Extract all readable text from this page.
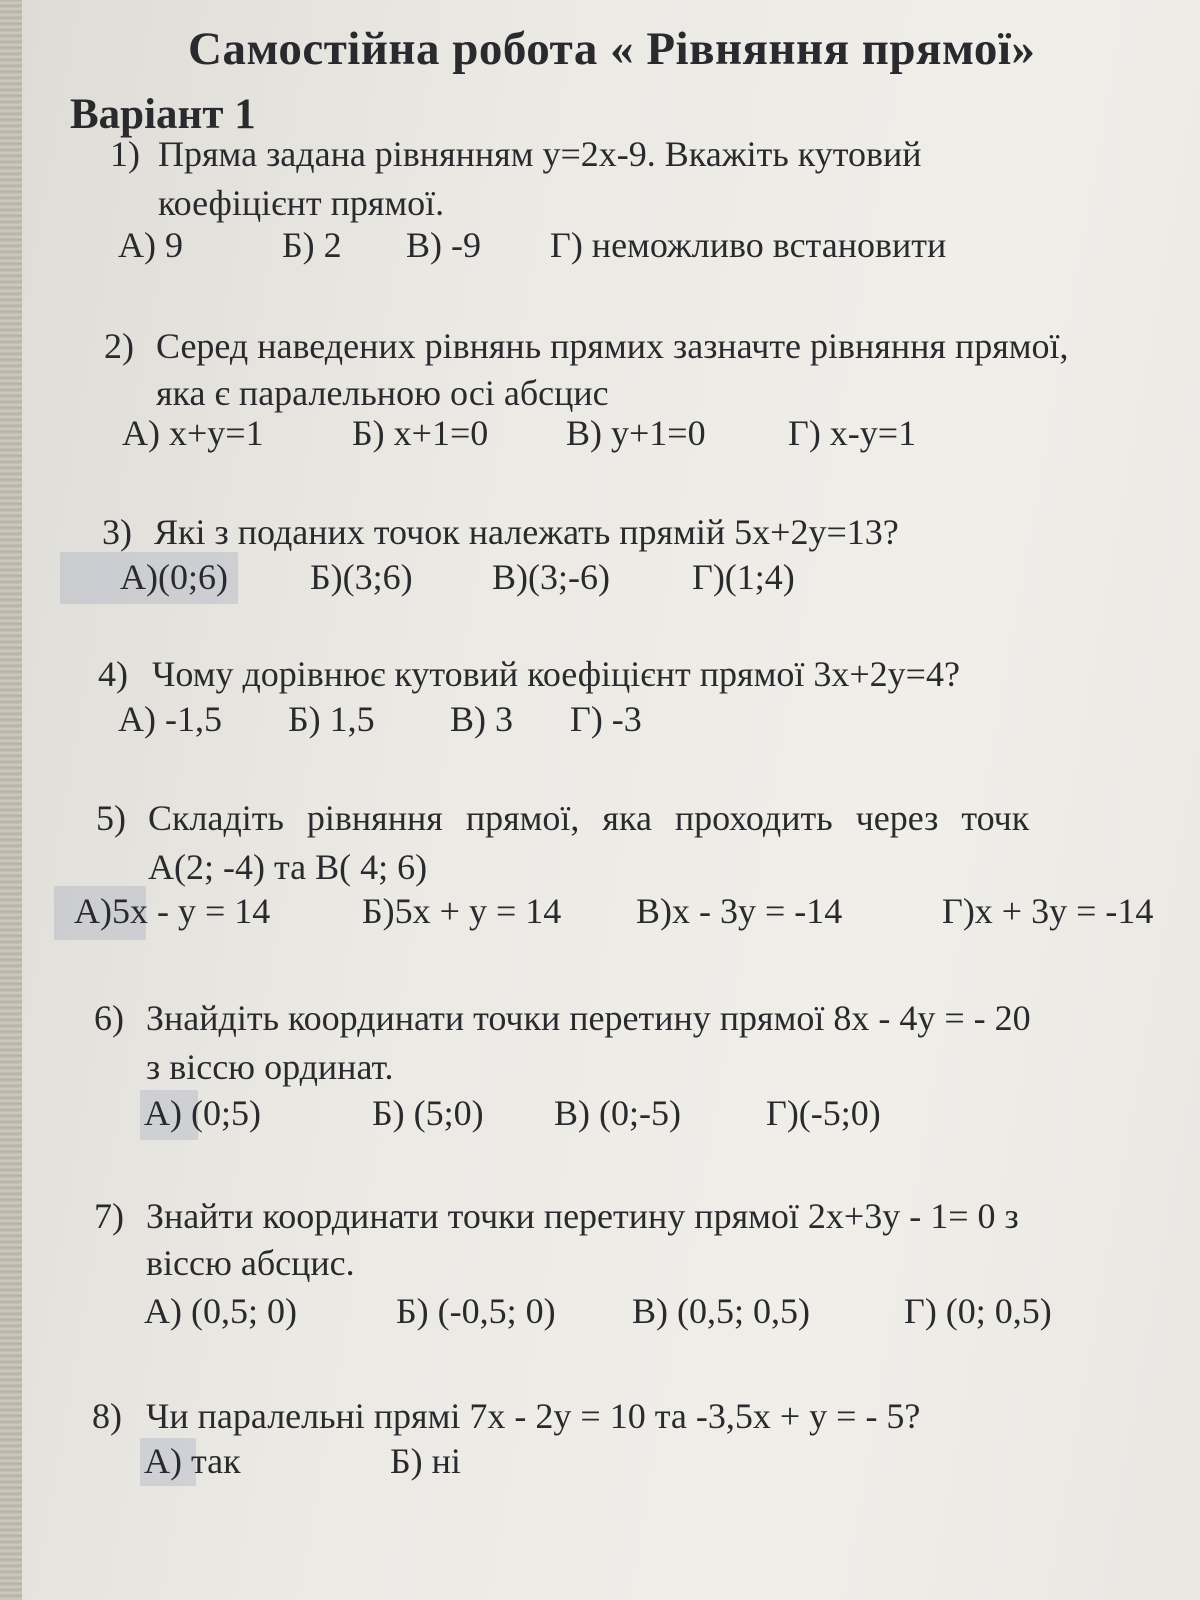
Самостійна робота « Рівняння прямої»
Варіант 1
1) Пряма задана рівнянням y=2x-9. Вкажіть кутовий
коефіцієнт прямої.
А) 9	Б) 2 В) -9 Г) неможливо встановити
2) Серед наведених рівнянь прямих зазначте рівняння прямої,
яка є паралельною осі абсцис
А) x+y=1 Б) x+1=0 В) y+1=0 Г) x-y=1
3) Які з поданих точок належать прямій 5x+2y=13?
А)(0;6) Б)(3;6) В)(3;-6) Г)(1;4)
4) Чому дорівнює кутовий коефіцієнт прямої 3x+2y=4?
А) -1,5 Б) 1,5 В) 3 Г) -3
5) Складіть рівняння прямої, яка проходить через точк
А(2; -4) та В( 4; 6)
А)5x - y = 14	Б)5x + y = 14 В)x - 3y = -14	Г)x + 3y = -14
6) Знайдіть координати точки перетину прямої 8x - 4y = - 20
з віссю ординат.
А) (0;5)	Б) (5;0) В) (0;-5) Г)(-5;0)
7) Знайти координати точки перетину прямої 2x+3y - 1= 0 з
віссю абсцис.
А) (0,5; 0)	Б) (-0,5; 0) В) (0,5; 0,5)	Г) (0; 0,5)
8) Чи паралельні прямі 7x - 2y = 10 та -3,5x + y = - 5?
А) так	Б) ні
